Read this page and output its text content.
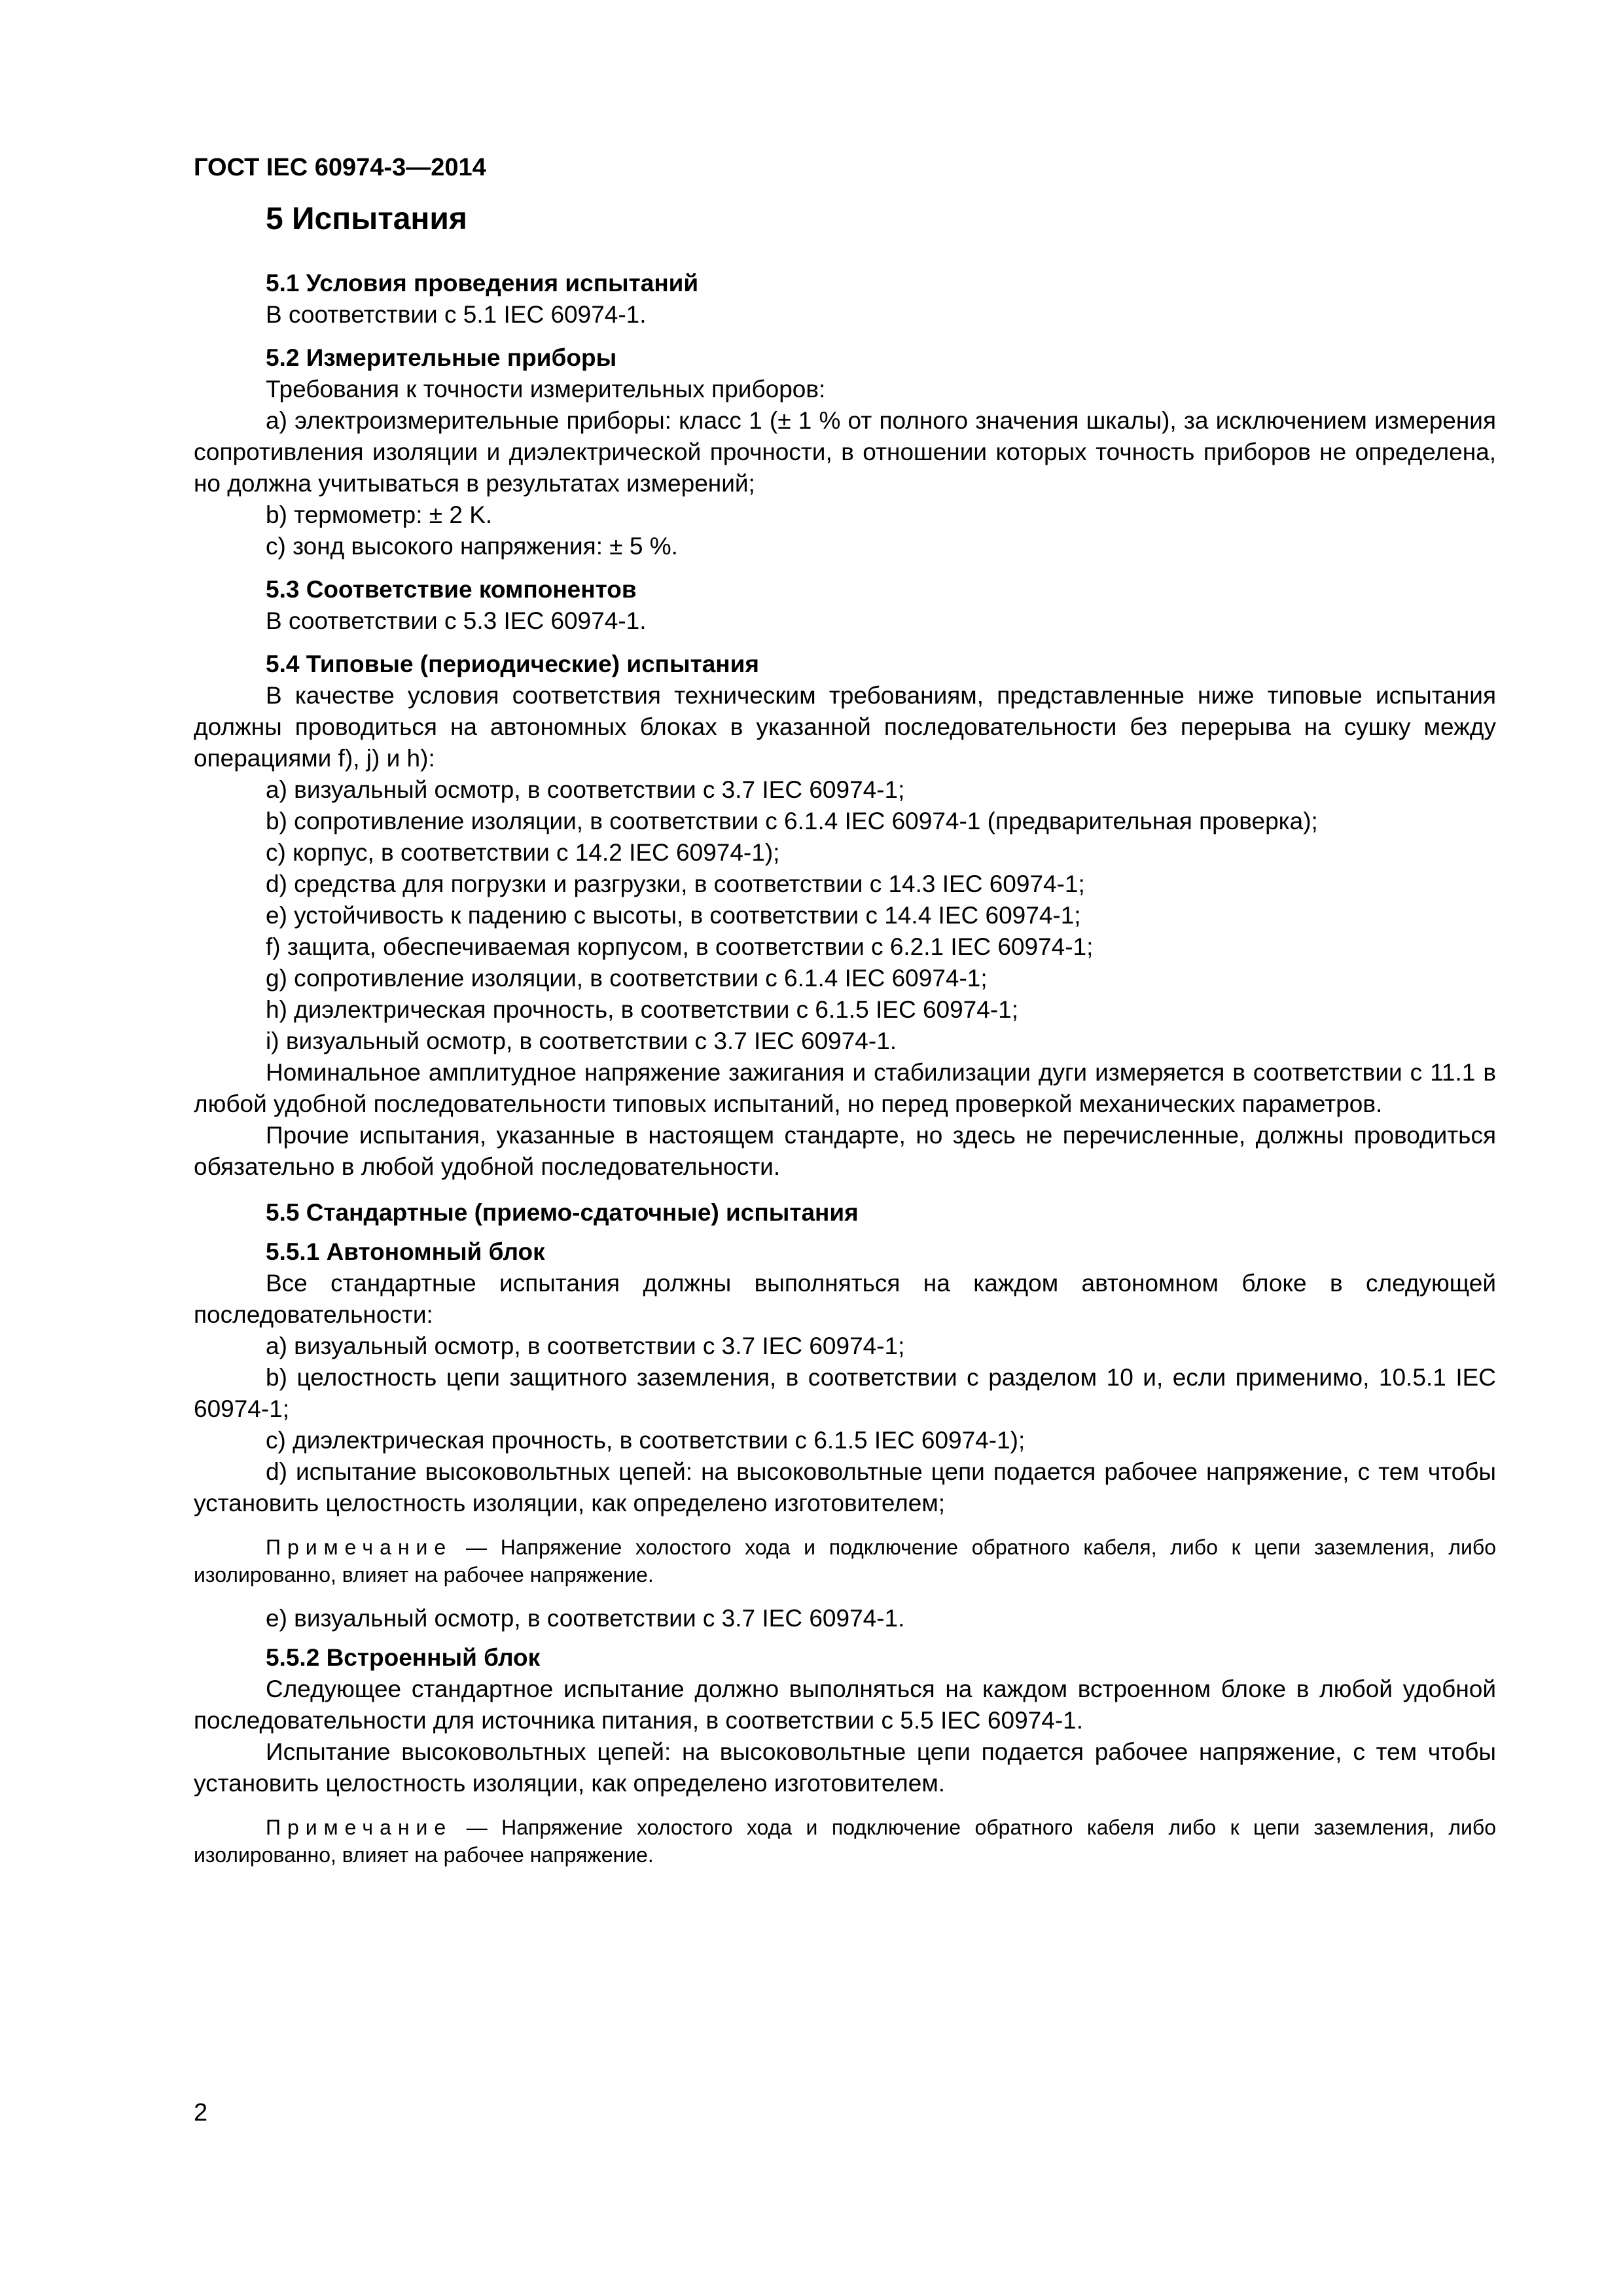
ГОСТ IEC 60974-3—2014
5 Испытания
5.1 Условия проведения испытаний
В соответствии с 5.1 IEC 60974-1.
5.2 Измерительные приборы
Требования к точности измерительных приборов:
a) электроизмерительные приборы: класс 1 (± 1 % от полного значения шкалы), за исключением измерения сопротивления изоляции и диэлектрической прочности, в отношении которых точность приборов не определена, но должна учитываться в результатах измерений;
b) термометр: ± 2 K.
c) зонд высокого напряжения: ± 5 %.
5.3 Соответствие компонентов
В соответствии с 5.3 IEC 60974-1.
5.4 Типовые (периодические) испытания
В качестве условия соответствия техническим требованиям, представленные ниже типовые испытания должны проводиться на автономных блоках в указанной последовательности без перерыва на сушку между операциями f), j) и h):
a) визуальный осмотр, в соответствии с 3.7 IEC 60974-1;
b) сопротивление изоляции, в соответствии с 6.1.4 IEC 60974-1 (предварительная проверка);
c) корпус, в соответствии с 14.2 IEC 60974-1);
d) средства для погрузки и разгрузки, в соответствии с 14.3 IEC 60974-1;
e) устойчивость к падению с высоты, в соответствии с 14.4 IEC 60974-1;
f) защита, обеспечиваемая корпусом, в соответствии с 6.2.1 IEC 60974-1;
g) сопротивление изоляции, в соответствии с 6.1.4 IEC 60974-1;
h) диэлектрическая прочность, в соответствии с 6.1.5 IEC 60974-1;
i) визуальный осмотр, в соответствии с 3.7 IEC 60974-1.
Номинальное амплитудное напряжение зажигания и стабилизации дуги измеряется в соответствии с 11.1 в любой удобной последовательности типовых испытаний, но перед проверкой механических параметров.
Прочие испытания, указанные в настоящем стандарте, но здесь не перечисленные, должны проводиться обязательно в любой удобной последовательности.
5.5 Стандартные (приемо-сдаточные) испытания
5.5.1 Автономный блок
Все стандартные испытания должны выполняться на каждом автономном блоке в следующей последовательности:
a) визуальный осмотр, в соответствии с 3.7 IEC 60974-1;
b) целостность цепи защитного заземления, в соответствии с разделом 10 и, если применимо, 10.5.1 IEC 60974-1;
c) диэлектрическая прочность, в соответствии с 6.1.5 IEC 60974-1);
d) испытание высоковольтных цепей: на высоковольтные цепи подается рабочее напряжение, с тем чтобы установить целостность изоляции, как определено изготовителем;
Примечание — Напряжение холостого хода и подключение обратного кабеля, либо к цепи заземления, либо изолированно, влияет на рабочее напряжение.
e) визуальный осмотр, в соответствии с 3.7 IEC 60974-1.
5.5.2 Встроенный блок
Следующее стандартное испытание должно выполняться на каждом встроенном блоке в любой удобной последовательности для источника питания, в соответствии с 5.5 IEC 60974-1.
Испытание высоковольтных цепей: на высоковольтные цепи подается рабочее напряжение, с тем чтобы установить целостность изоляции, как определено изготовителем.
Примечание — Напряжение холостого хода и подключение обратного кабеля либо к цепи заземления, либо изолированно, влияет на рабочее напряжение.
2
